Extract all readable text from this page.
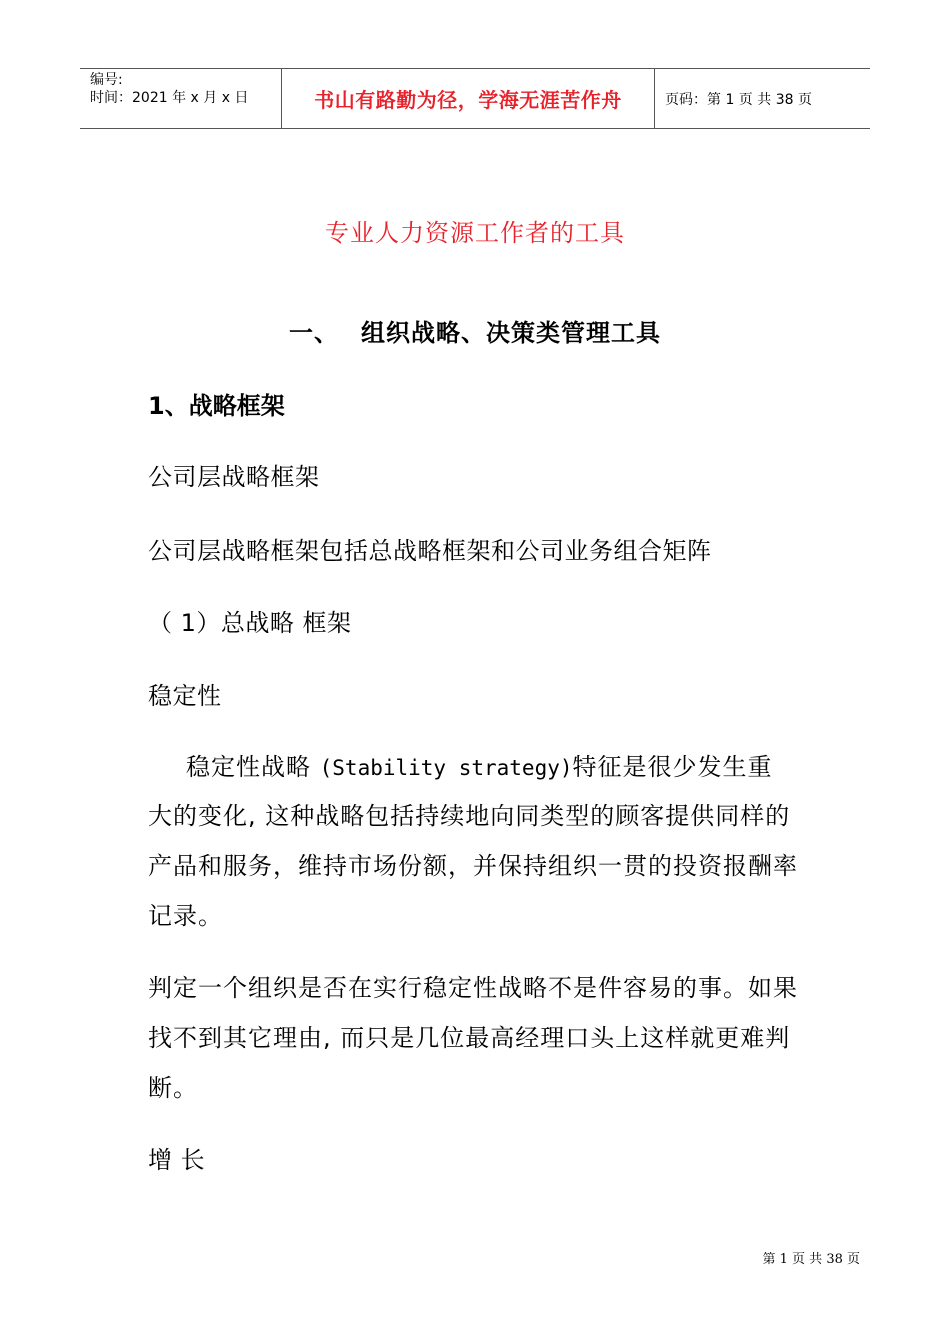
编号:
时间：2021 年 x 月 x 日	书山有路勤为径，学海无涯苦作舟	页码：第 1 页 共 38 页
专业人力资源工作者的工具
一、 组织战略、决策类管理工具
1、战略框架
公司层战略框架
公司层战略框架包括总战略框架和公司业务组合矩阵
（ 1）总战略 框架
稳定性
稳定性战略 (Stability strategy)特征是很少发生重
大的变化, 这种战略包括持续地向同类型的顾客提供同样的
产品和服务，维持市场份额，并保持组织一贯的投资报酬率
记录。
判定一个组织是否在实行稳定性战略不是件容易的事。如果
找不到其它理由, 而只是几位最高经理口头上这样就更难判
断。
增 长
第 1 页 共 38 页
